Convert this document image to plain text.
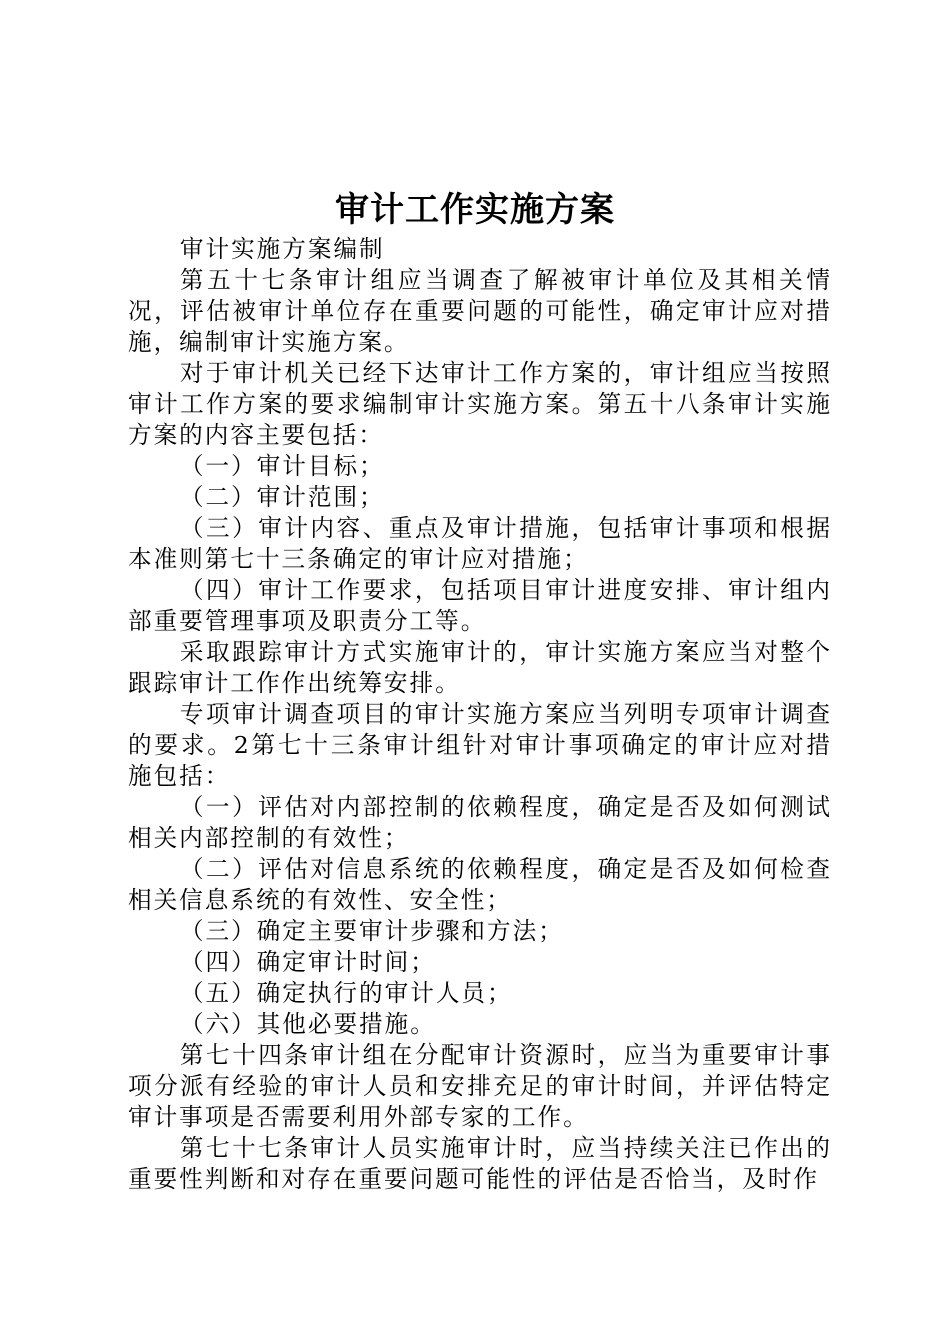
审计工作实施方案

审计实施方案编制

第五十七条审计组应当调查了解被审计单位及其相关情况，评估被审计单位存在重要问题的可能性，确定审计应对措施，编制审计实施方案。

对于审计机关已经下达审计工作方案的，审计组应当按照审计工作方案的要求编制审计实施方案。第五十八条审计实施方案的内容主要包括：

（一）审计目标；

（二）审计范围；

（三）审计内容、重点及审计措施，包括审计事项和根据本准则第七十三条确定的审计应对措施；

（四）审计工作要求，包括项目审计进度安排、审计组内部重要管理事项及职责分工等。

采取跟踪审计方式实施审计的，审计实施方案应当对整个跟踪审计工作作出统筹安排。

专项审计调查项目的审计实施方案应当列明专项审计调查的要求。2第七十三条审计组针对审计事项确定的审计应对措施包括：

（一）评估对内部控制的依赖程度，确定是否及如何测试相关内部控制的有效性；

（二）评估对信息系统的依赖程度，确定是否及如何检查相关信息系统的有效性、安全性；

（三）确定主要审计步骤和方法；

（四）确定审计时间；

（五）确定执行的审计人员；

（六）其他必要措施。

第七十四条审计组在分配审计资源时，应当为重要审计事项分派有经验的审计人员和安排充足的审计时间，并评估特定审计事项是否需要利用外部专家的工作。

第七十七条审计人员实施审计时，应当持续关注已作出的重要性判断和对存在重要问题可能性的评估是否恰当，及时作
